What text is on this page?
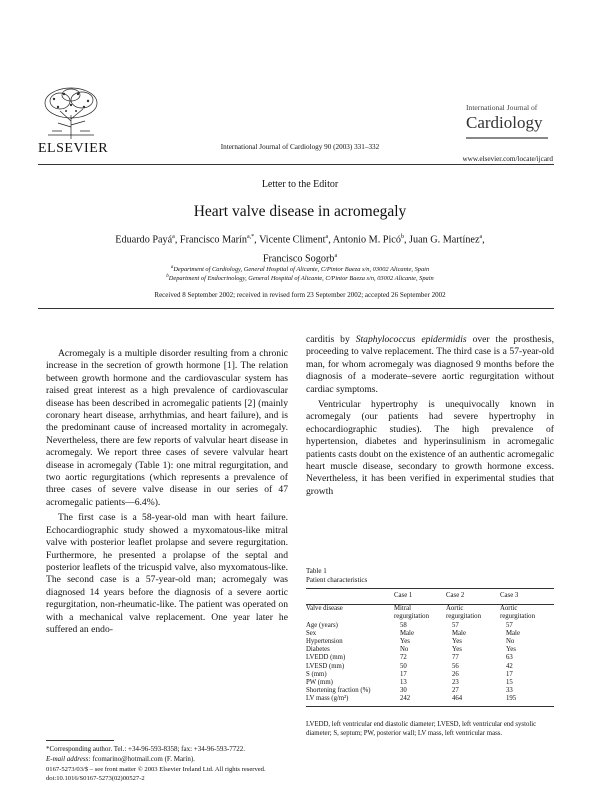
ELSEVIER	International Journal of Cardiology 90 (2003) 331–332
International Journal of
Cardiology
www.elsevier.com/locate/ijcard
Letter to the Editor
Heart valve disease in acromegaly
Eduardo Payá$^a$, Francisco Marín$^{a,*}$, Vicente Climent$^a$, Antonio M. Picó$^b$, Juan G. Martínez$^a$,
Francisco Sogorb$^a$
$^a$Department of Cardiology, General Hospital of Alicante, C/Pintor Baeza s/n, 03002 Alicante, Spain
$^b$Department of Endocrinology, General Hospital of Alicante, C/Pintor Baeza s/n, 03002 Alicante, Spain
Received 8 September 2002; received in revised form 23 September 2002; accepted 26 September 2002

Acromegaly is a multiple disorder resulting from a chronic increase in the secretion of growth hormone [1]. The relation between growth hormone and the cardiovascular system has raised great interest as a high prevalence of cardiovascular disease has been described in acromegalic patients [2] (mainly coronary heart disease, arrhythmias, and heart failure), and is the predominant cause of increased mortality in acromegaly. Nevertheless, there are few reports of valvular heart disease in acromegaly. We report three cases of severe valvular heart disease in acromegaly (Table 1): one mitral regurgitation, and two aortic regurgitations (which represents a prevalence of three cases of severe valve disease in our series of 47 acromegalic patients—6.4%).

The first case is a 58-year-old man with heart failure. Echocardiographic study showed a myxomatous-like mitral valve with posterior leaflet prolapse and severe regurgitation. Furthermore, he presented a prolapse of the septal and posterior leaflets of the tricuspid valve, also myxomatous-like. The second case is a 57-year-old man; acromegaly was diagnosed 14 years before the diagnosis of a severe aortic regurgitation, non-rheumatic-like. The patient was operated on with a mechanical valve replacement. One year later he suffered an endo-

carditis by Staphylococcus epidermidis over the prosthesis, proceeding to valve replacement. The third case is a 57-year-old man, for whom acromegaly was diagnosed 9 months before the diagnosis of a moderate–severe aortic regurgitation without cardiac symptoms.

Ventricular hypertrophy is unequivocally known in acromegaly (our patients had severe hypertrophy in echocardiographic studies). The high prevalence of hypertension, diabetes and hyperinsulinism in acromegalic patients casts doubt on the existence of an authentic acromegalic heart muscle disease, secondary to growth hormone excess. Nevertheless, it has been verified in experimental studies that growth

Table 1
Patient characteristics
	Case 1	Case 2	Case 3
Valve disease	Mitral regurgitation	Aortic regurgitation	Aortic regurgitation
Age (years)	58	57	57
Sex	Male	Male	Male
Hypertension	Yes	Yes	No
Diabetes	No	Yes	Yes
LVEDD (mm)	72	77	63
LVESD (mm)	50	56	42
S (mm)	17	26	17
PW (mm)	13	23	15
Shortening fraction (%)	30	27	33
LV mass (g/m²)	242	464	195
LVEDD, left ventricular end diastolic diameter; LVESD, left ventricular end systolic diameter; S, septum; PW, posterior wall; LV mass, left ventricular mass.
*Corresponding author. Tel.: +34-96-593-8358; fax: +34-96-593-7722.
E-mail address: fcomarino@hotmail.com (F. Marín).
0167-5273/03/$ – see front matter © 2003 Elsevier Ireland Ltd. All rights reserved.
doi:10.1016/S0167-5273(02)00527-2
